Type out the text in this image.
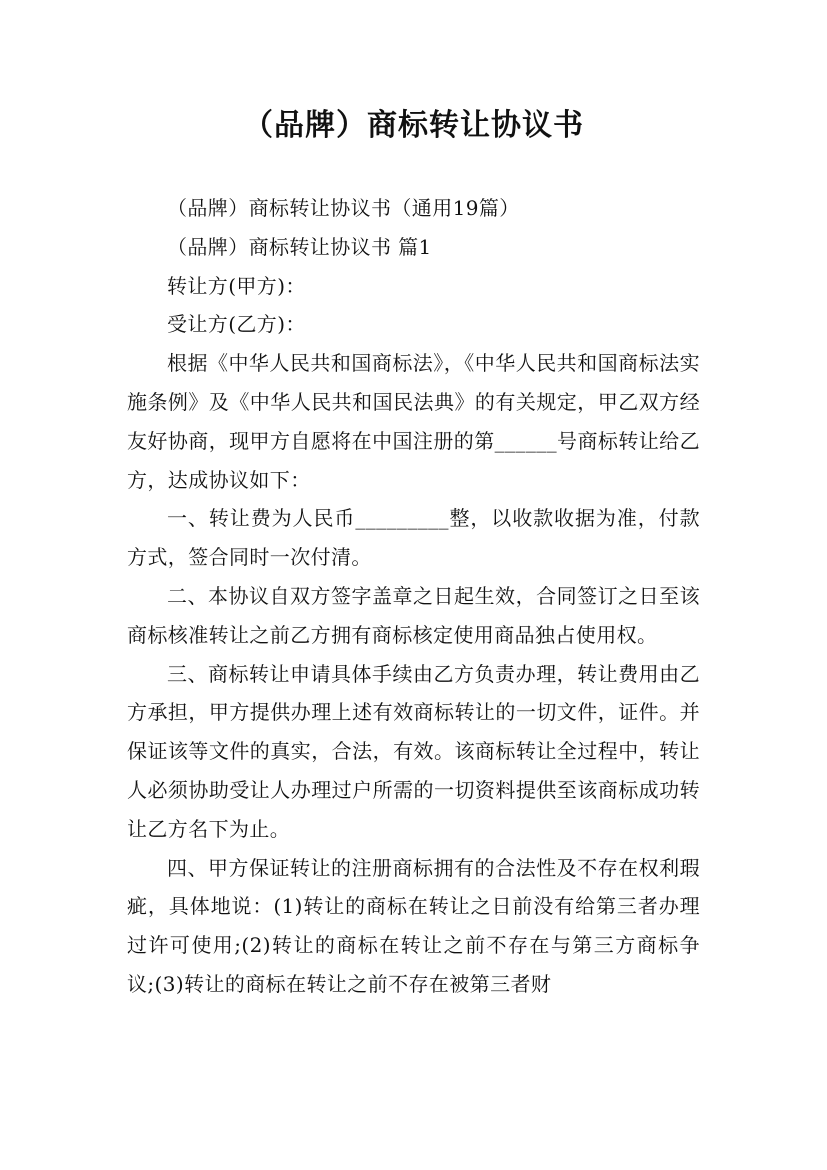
（品牌）商标转让协议书

（品牌）商标转让协议书（通用19篇）

（品牌）商标转让协议书 篇1

转让方(甲方)：

受让方(乙方)：

根据《中华人民共和国商标法》，《中华人民共和国商标法实施条例》及《中华人民共和国民法典》的有关规定，甲乙双方经友好协商，现甲方自愿将在中国注册的第______号商标转让给乙方，达成协议如下：

一、转让费为人民币_________整，以收款收据为准，付款方式，签合同时一次付清。

二、本协议自双方签字盖章之日起生效，合同签订之日至该商标核准转让之前乙方拥有商标核定使用商品独占使用权。

三、商标转让申请具体手续由乙方负责办理，转让费用由乙方承担，甲方提供办理上述有效商标转让的一切文件，证件。并保证该等文件的真实，合法，有效。该商标转让全过程中，转让人必须协助受让人办理过户所需的一切资料提供至该商标成功转让乙方名下为止。

四、甲方保证转让的注册商标拥有的合法性及不存在权利瑕疵，具体地说：(1)转让的商标在转让之日前没有给第三者办理过许可使用;(2)转让的商标在转让之前不存在与第三方商标争议;(3)转让的商标在转让之前不存在被第三者财
